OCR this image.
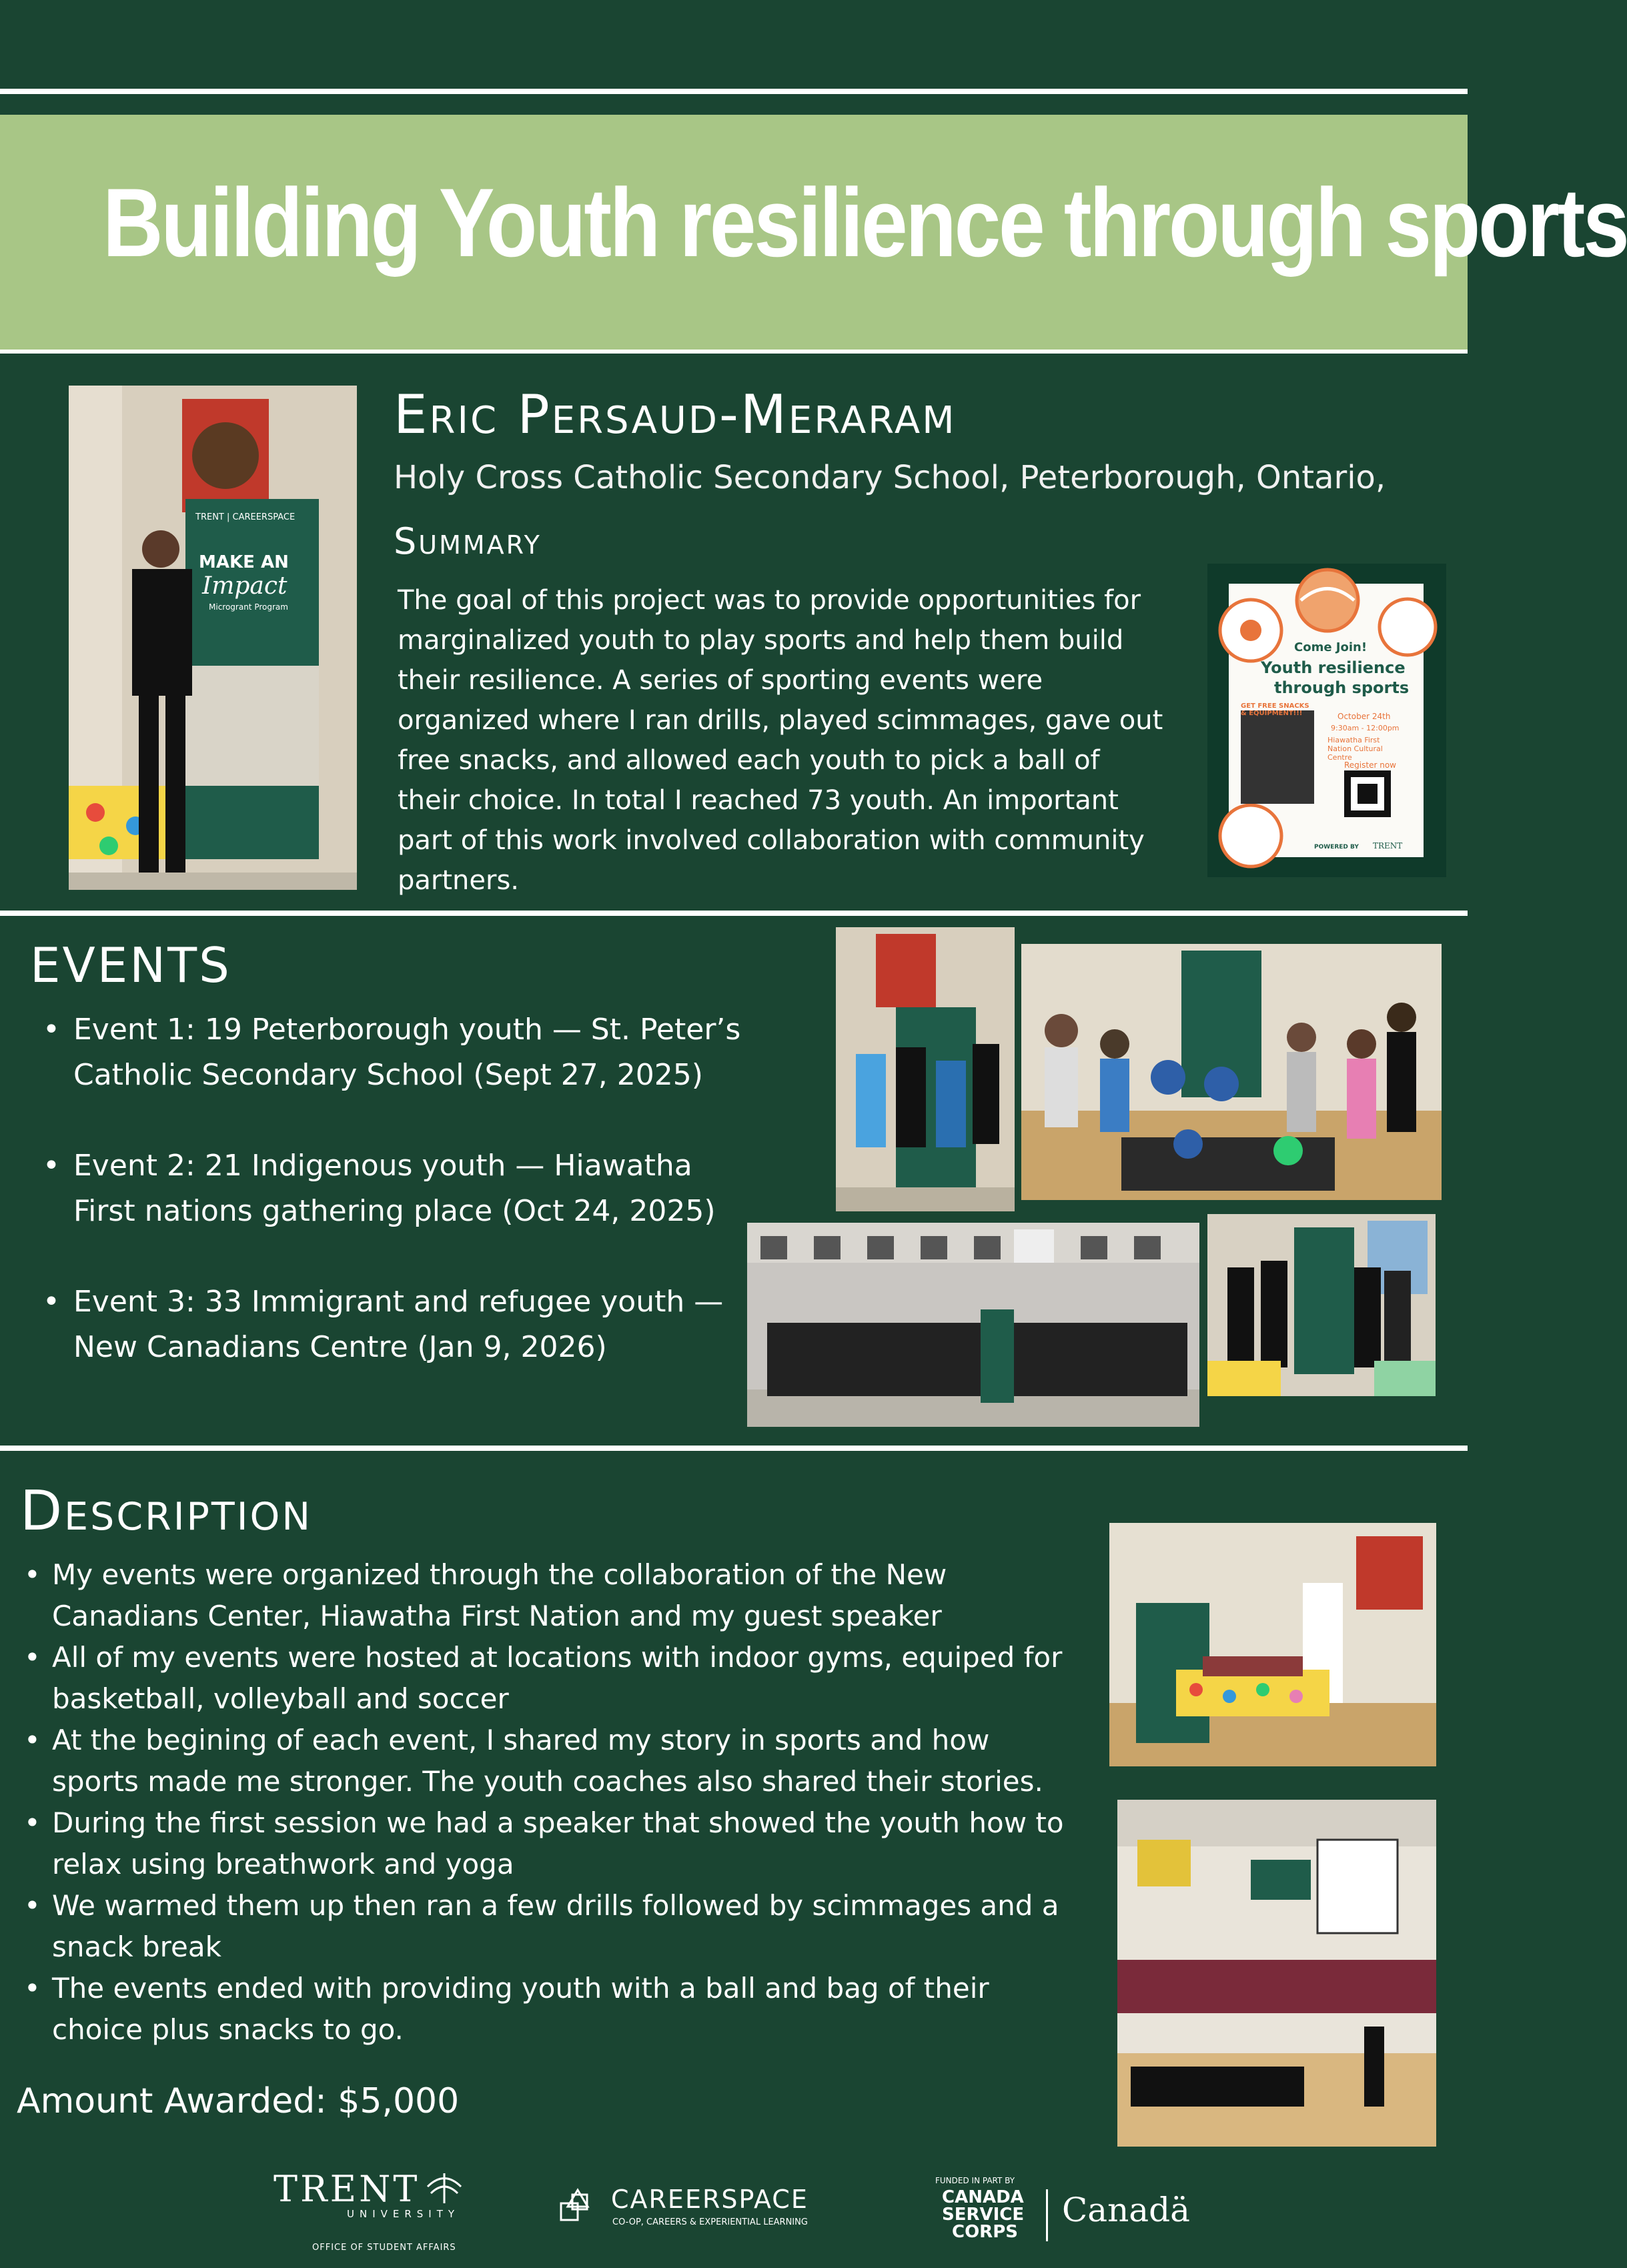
Building Youth resilience through sports
TRENT | CAREERSPACE
MAKE AN
Impact
Microgrant Program
Eric Persaud-Meraram
Holy Cross Catholic Secondary School, Peterborough, Ontario,
Summary
The goal of this project was to provide opportunities for
marginalized youth to play sports and help them build
their resilience. A series of sporting events were
organized where I ran drills, played scimmages, gave out
free snacks, and allowed each youth to pick a ball of
their choice. In total I reached 73 youth. An important
part of this work involved collaboration with community
partners.
Come Join!
Youth resilience
through sports
GET FREE SNACKS & EQUIPMENT!!!	October 24th
9:30am - 12:00pm
Hiawatha First Nation Cultural Centre
Register now
POWERED BY TRENT
EVENTS
• Event 1: 19 Peterborough youth — St. Peter’s
Catholic Secondary School (Sept 27, 2025)
• Event 2: 21 Indigenous youth — Hiawatha
First nations gathering place (Oct 24, 2025)
• Event 3: 33 Immigrant and refugee youth —
New Canadians Centre (Jan 9, 2026)
Description
• My events were organized through the collaboration of the New
Canadians Center, Hiawatha First Nation and my guest speaker
• All of my events were hosted at locations with indoor gyms, equiped for
basketball, volleyball and soccer
• At the begining of each event, I shared my story in sports and how
sports made me stronger. The youth coaches also shared their stories.
• During the first session we had a speaker that showed the youth how to
relax using breathwork and yoga
• We warmed them up then ran a few drills followed by scimmages and a
snack break
• The events ended with providing youth with a ball and bag of their
choice plus snacks to go.
Amount Awarded: $5,000
TRENT
UNIVERSITY
OFFICE OF STUDENT AFFAIRS
CAREERSPACE
CO-OP, CAREERS & EXPERIENTIAL LEARNING
FUNDED IN PART BY
CANADA
SERVICE
CORPS
Canadä
